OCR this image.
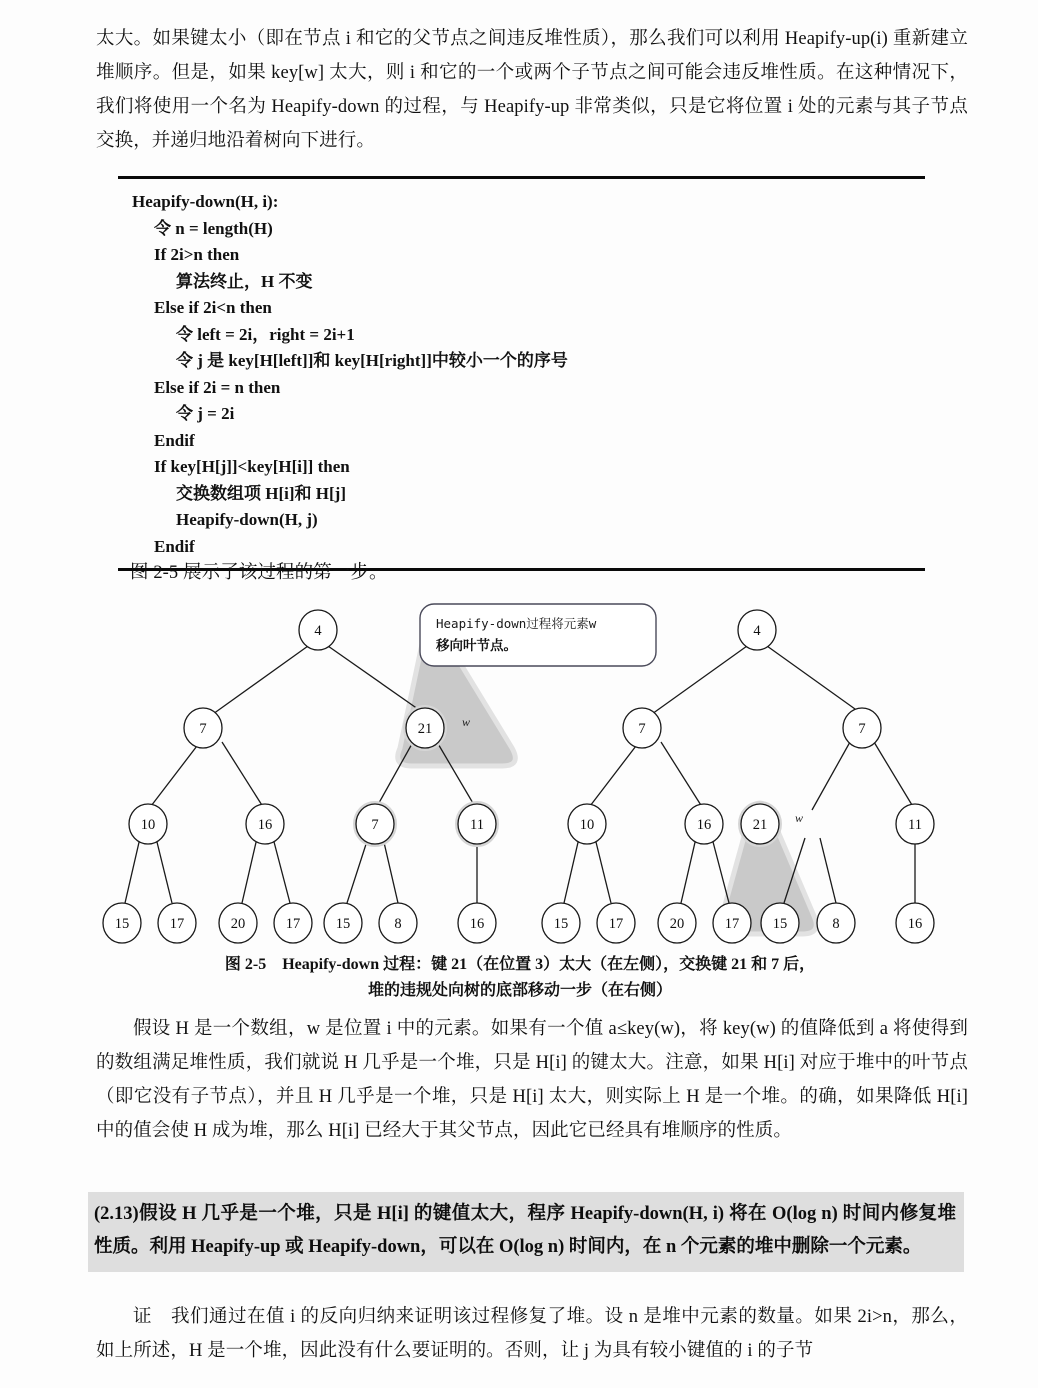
太大。如果键太小（即在节点 i 和它的父节点之间违反堆性质），那么我们可以利用 Heapify-up(i) 重新建立堆顺序。但是，如果 key[w] 太大，则 i 和它的一个或两个子节点之间可能会违反堆性质。在这种情况下，我们将使用一个名为 Heapify-down 的过程，与 Heapify-up 非常类似，只是它将位置 i 处的元素与其子节点交换，并递归地沿着树向下进行。
Heapify-down(H, i):
令 n = length(H)
If 2i>n then
算法终止，H 不变
Else if 2i<n then
令 left = 2i，right = 2i+1
令 j 是 key[H[left]]和 key[H[right]]中较小一个的序号
Else if 2i = n then
令 j = 2i
Endif
If key[H[j]]<key[H[i]] then
交换数组项 H[i]和 H[j]
Heapify-down(H, j)
Endif
图 2-5 展示了该过程的第一步。
4
7	21 w
10	16	7	11
15	17	20	17 15	8	16
Heapify-down过程将元素w
移向叶节点。
4
7	7
10	16	21 w	11
15	17	20	17 15	8	16
图 2-5　Heapify-down 过程：键 21（在位置 3）太大（在左侧），交换键 21 和 7 后，
堆的违规处向树的底部移动一步（在右侧）
假设 H 是一个数组，w 是位置 i 中的元素。如果有一个值 a≤key(w)，将 key(w) 的值降低到 a 将使得到的数组满足堆性质，我们就说 H 几乎是一个堆，只是 H[i] 的键太大。注意，如果 H[i] 对应于堆中的叶节点（即它没有子节点），并且 H 几乎是一个堆，只是 H[i] 太大，则实际上 H 是一个堆。的确，如果降低 H[i] 中的值会使 H 成为堆，那么 H[i] 已经大于其父节点，因此它已经具有堆顺序的性质。
(2.13)假设 H 几乎是一个堆，只是 H[i] 的键值太大，程序 Heapify-down(H, i) 将在 O(log n) 时间内修复堆性质。利用 Heapify-up 或 Heapify-down，可以在 O(log n) 时间内，在 n 个元素的堆中删除一个元素。
证　我们通过在值 i 的反向归纳来证明该过程修复了堆。设 n 是堆中元素的数量。如果 2i>n，那么，如上所述，H 是一个堆，因此没有什么要证明的。否则，让 j 为具有较小键值的 i 的子节
